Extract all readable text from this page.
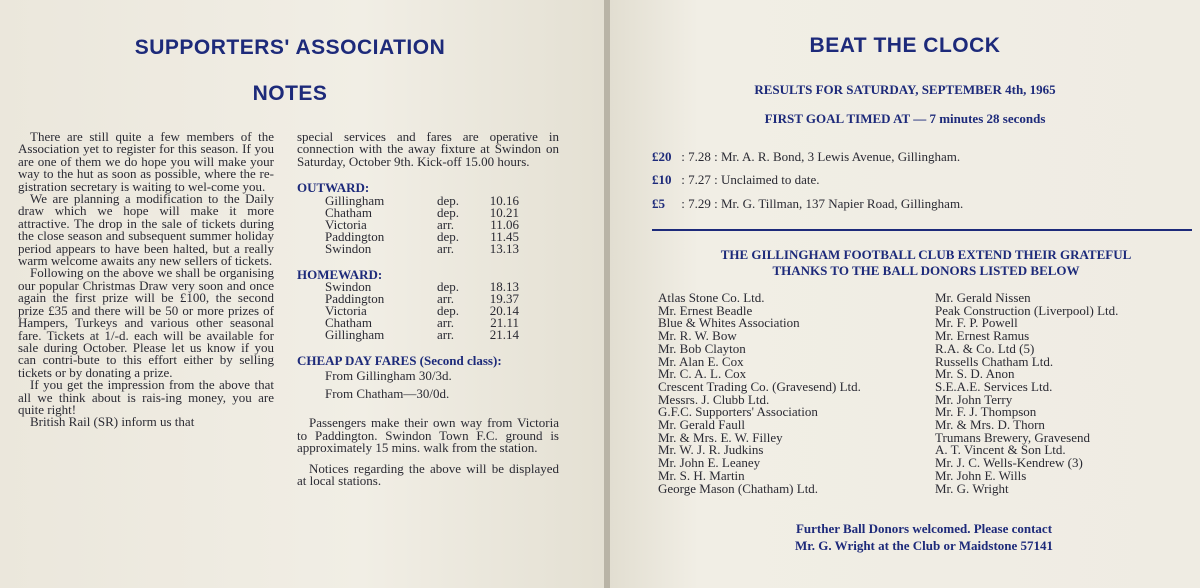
SUPPORTERS' ASSOCIATION
NOTES

There are still quite a few members of the Association yet to register for this season. If you are one of them we do hope you will make your way to the hut as soon as possible, where the re-gistration secretary is waiting to wel-come you.

We are planning a modification to the Daily draw which we hope will make it more attractive. The drop in the sale of tickets during the close season and subsequent summer holiday period appears to have been halted, but a really warm welcome awaits any new sellers of tickets.

Following on the above we shall be organising our popular Christmas Draw very soon and once again the first prize will be £100, the second prize £35 and there will be 50 or more prizes of Hampers, Turkeys and various other seasonal fare. Tickets at 1/-d. each will be available for sale during October. Please let us know if you can contri-bute to this effort either by selling tickets or by donating a prize.

If you get the impression from the above that all we think about is rais-ing money, you are quite right!

British Rail (SR) inform us that

special services and fares are operative in connection with the away fixture at Swindon on Saturday, October 9th. Kick-off 15.00 hours.

OUTWARD:
Gillingham	dep.	10.16
Chatham	dep.	10.21
Victoria	arr.	11.06
Paddington	dep.	11.45
Swindon	arr.	13.13
HOMEWARD:
Swindon	dep.	18.13
Paddington	arr.	19.37
Victoria	dep.	20.14
Chatham	arr.	21.11
Gillingham	arr.	21.14
CHEAP DAY FARES (Second class):
From Gillingham 30/3d.
From Chatham—30/0d.

Passengers make their own way from Victoria to Paddington. Swindon Town F.C. ground is approximately 15 mins. walk from the station.

Notices regarding the above will be displayed at local stations.

BEAT THE CLOCK
RESULTS FOR SATURDAY, SEPTEMBER 4th, 1965
FIRST GOAL TIMED AT — 7 minutes 28 seconds
£20 : 7.28 : Mr. A. R. Bond, 3 Lewis Avenue, Gillingham.
£10 : 7.27 : Unclaimed to date.
£5 : 7.29 : Mr. G. Tillman, 137 Napier Road, Gillingham.
THE GILLINGHAM FOOTBALL CLUB EXTEND THEIR GRATEFUL
THANKS TO THE BALL DONORS LISTED BELOW
Atlas Stone Co. Ltd.
Mr. Ernest Beadle
Blue & Whites Association
Mr. R. W. Bow
Mr. Bob Clayton
Mr. Alan E. Cox
Mr. C. A. L. Cox
Crescent Trading Co. (Gravesend) Ltd.
Messrs. J. Clubb Ltd.
G.F.C. Supporters' Association
Mr. Gerald Faull
Mr. & Mrs. E. W. Filley
Mr. W. J. R. Judkins
Mr. John E. Leaney
Mr. S. H. Martin
George Mason (Chatham) Ltd.
Mr. Gerald Nissen
Peak Construction (Liverpool) Ltd.
Mr. F. P. Powell
Mr. Ernest Ramus
R.A. & Co. Ltd (5)
Russells Chatham Ltd.
Mr. S. D. Anon
S.E.A.E. Services Ltd.
Mr. John Terry
Mr. F. J. Thompson
Mr. & Mrs. D. Thorn
Trumans Brewery, Gravesend
A. T. Vincent & Son Ltd.
Mr. J. C. Wells-Kendrew (3)
Mr. John E. Wills
Mr. G. Wright
Further Ball Donors welcomed. Please contact
Mr. G. Wright at the Club or Maidstone 57141
